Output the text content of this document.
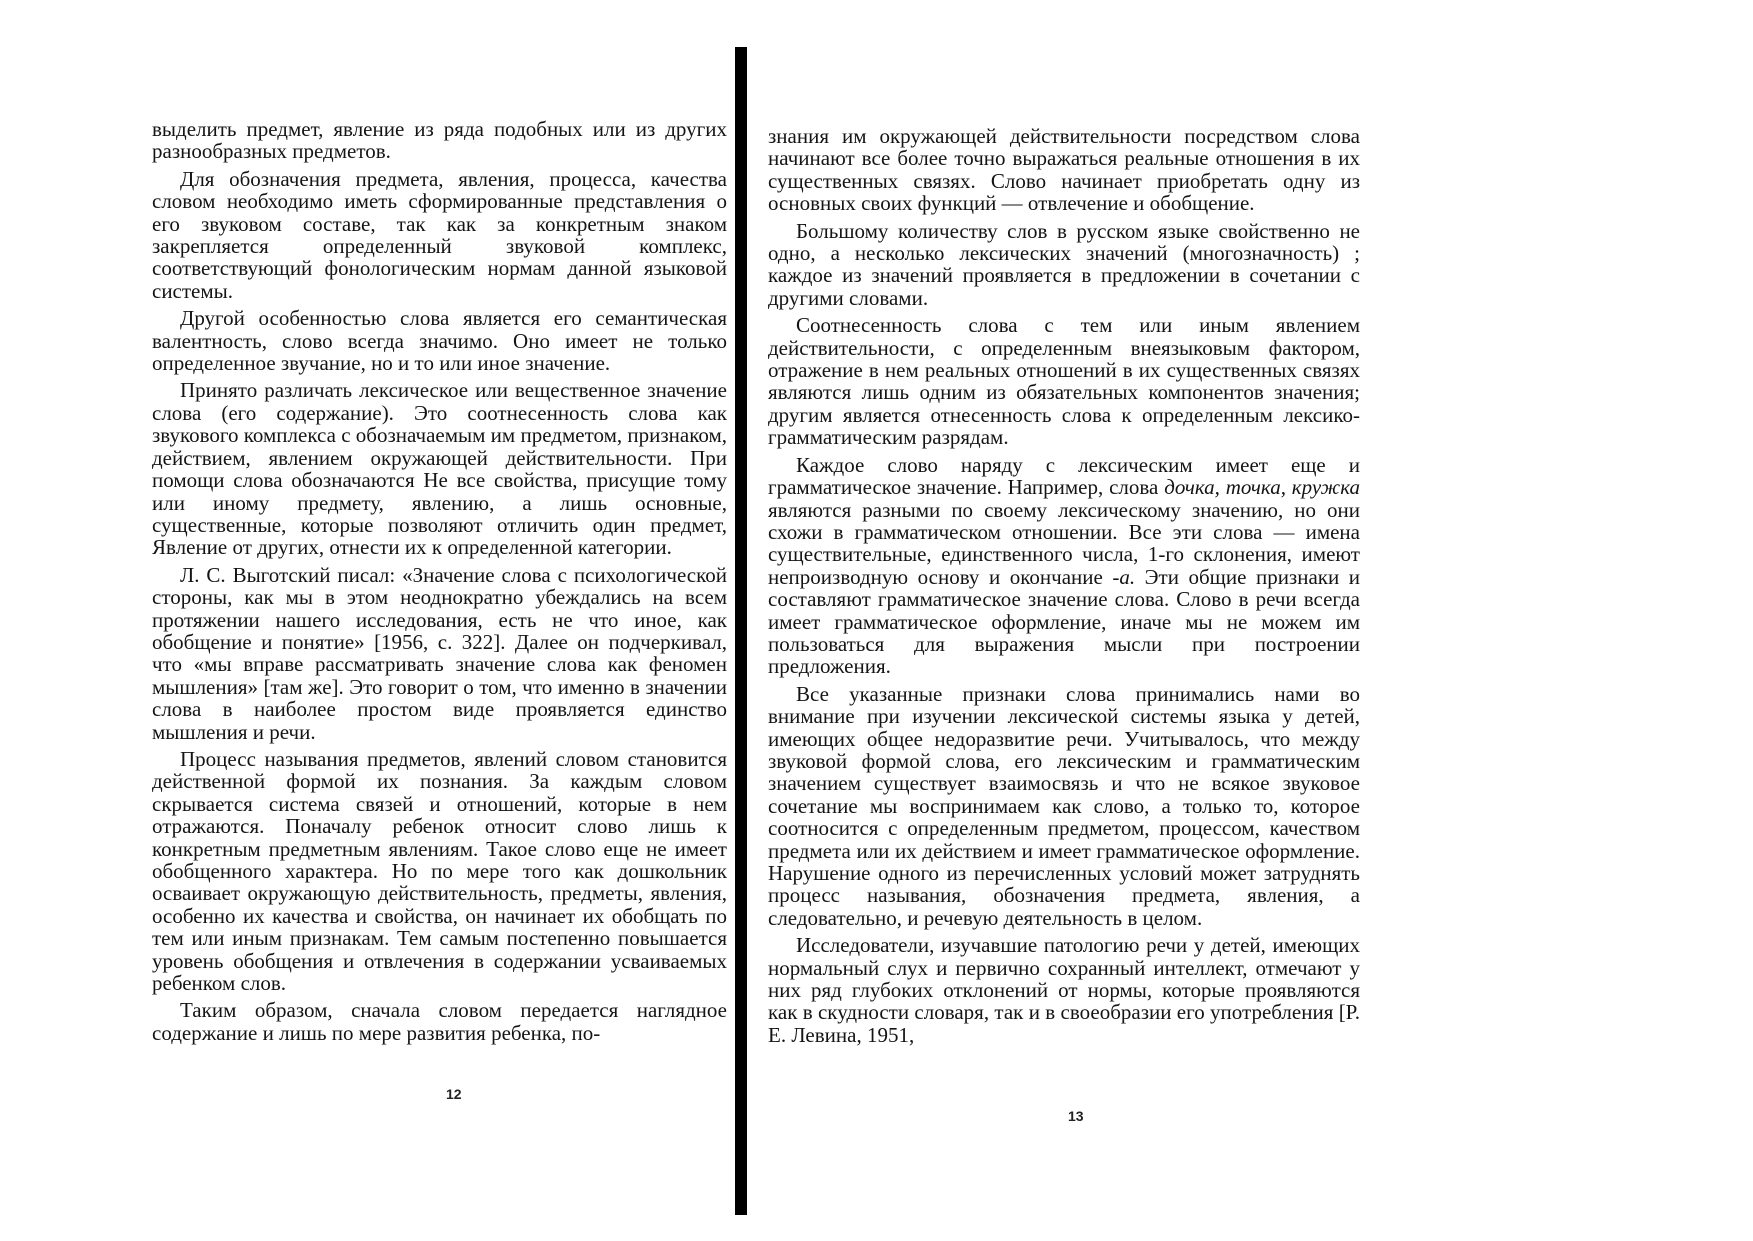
выделить предмет, явление из ряда подобных или из других разнообразных предметов.

Для обозначения предмета, явления, процесса, качества словом необходимо иметь сформированные представления о его звуковом составе, так как за конкретным знаком закрепляется определенный звуковой комплекс, соответствующий фонологическим нормам данной языковой системы.

Другой особенностью слова является его семантическая валентность, слово всегда значимо. Оно имеет не только определенное звучание, но и то или иное значение.

Принято различать лексическое или вещественное значение слова (его содержание). Это соотнесенность слова как звукового комплекса с обозначаемым им предметом, признаком, действием, явлением окружающей действительности. При помощи слова обозначаются Не все свойства, присущие тому или иному предмету, явлению, а лишь основные, существенные, которые позволяют отличить один предмет, Явление от других, отнести их к определенной категории.

Л. С. Выготский писал: «Значение слова с психологической стороны, как мы в этом неоднократно убеждались на всем протяжении нашего исследования, есть не что иное, как обобщение и понятие» [1956, с. 322]. Далее он подчеркивал, что «мы вправе рассматривать значение слова как феномен мышления» [там же]. Это говорит о том, что именно в значении слова в наиболее простом виде проявляется единство мышления и речи.

Процесс называния предметов, явлений словом становится действенной формой их познания. За каждым словом скрывается система связей и отношений, которые в нем отражаются. Поначалу ребенок относит слово лишь к конкретным предметным явлениям. Такое слово еще не имеет обобщенного характера. Но по мере того как дошкольник осваивает окружающую действительность, предметы, явления, особенно их качества и свойства, он начинает их обобщать по тем или иным признакам. Тем самым постепенно повышается уровень обобщения и отвлечения в содержании усваиваемых ребенком слов.

Таким образом, сначала словом передается наглядное содержание и лишь по мере развития ребенка, по-

12

знания им окружающей действительности посредством слова начинают все более точно выражаться реальные отношения в их существенных связях. Слово начинает приобретать одну из основных своих функций — отвлечение и обобщение.

Большому количеству слов в русском языке свойственно не одно, а несколько лексических значений (многозначность) ; каждое из значений проявляется в предложении в сочетании с другими словами.

Соотнесенность слова с тем или иным явлением действительности, с определенным внеязыковым фактором, отражение в нем реальных отношений в их существенных связях являются лишь одним из обязательных компонентов значения; другим является отнесенность слова к определенным лексико-грамматическим разрядам.

Каждое слово наряду с лексическим имеет еще и грамматическое значение. Например, слова дочка, точка, кружка являются разными по своему лексическому значению, но они схожи в грамматическом отношении. Все эти слова — имена существительные, единственного числа, 1-го склонения, имеют непроизводную основу и окончание -а. Эти общие признаки и составляют грамматическое значение слова. Слово в речи всегда имеет грамматическое оформление, иначе мы не можем им пользоваться для выражения мысли при построении предложения.

Все указанные признаки слова принимались нами во внимание при изучении лексической системы языка у детей, имеющих общее недоразвитие речи. Учитывалось, что между звуковой формой слова, его лексическим и грамматическим значением существует взаимосвязь и что не всякое звуковое сочетание мы воспринимаем как слово, а только то, которое соотносится с определенным предметом, процессом, качеством предмета или их действием и имеет грамматическое оформление. Нарушение одного из перечисленных условий может затруднять процесс называния, обозначения предмета, явления, а следовательно, и речевую деятельность в целом.

Исследователи, изучавшие патологию речи у детей, имеющих нормальный слух и первично сохранный интеллект, отмечают у них ряд глубоких отклонений от нормы, которые проявляются как в скудности словаря, так и в своеобразии его употребления [Р. Е. Левина, 1951,

13
